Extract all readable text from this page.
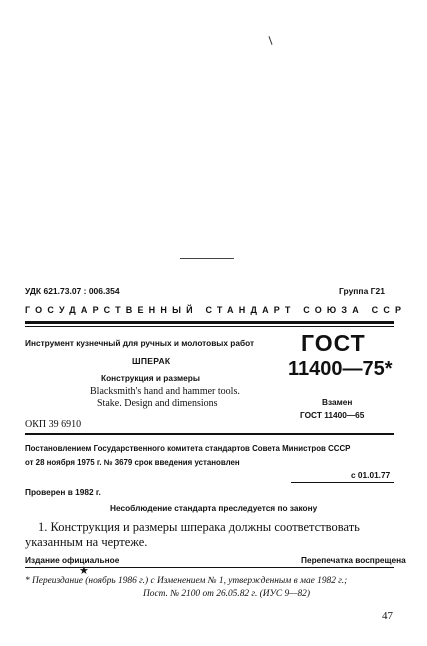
УДК 621.73.07 : 006.354	Группа Г21
ГОСУДАРСТВЕННЫЙ СТАНДАРТ СОЮЗА ССР
Инструмент кузнечный для ручных и молотовых работ
ШПЕРАК
Конструкция и размеры
Blacksmith's hand and hammer tools.
Stake. Design and dimensions
ОКП 39 6910
ГОСТ
11400—75*
Взамен
ГОСТ 11400—65
Постановлением Государственного комитета стандартов Совета Министров СССР
от 28 ноября 1975 г. № 3679 срок введения установлен
с 01.01.77
Проверен в 1982 г.
Несоблюдение стандарта преследуется по закону
1. Конструкция и размеры шперака должны соответствовать
указанным на чертеже.
Издание официальное	Перепечатка воспрещена
★
* Переиздание (ноябрь 1986 г.) с Изменением № 1, утвержденным в мае 1982 г.;
Пост. № 2100 от 26.05.82 г. (ИУС 9—82)
47
